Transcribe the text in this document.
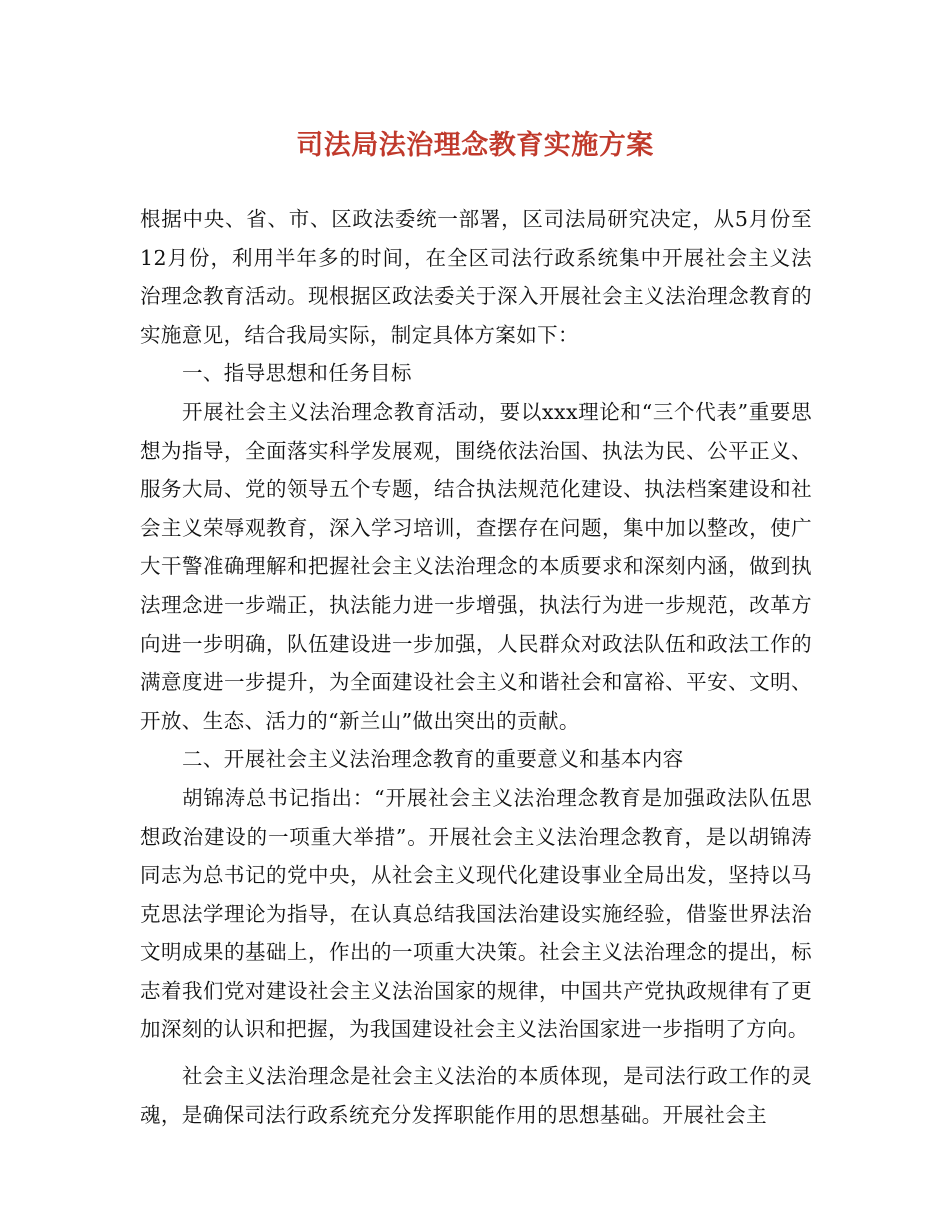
司法局法治理念教育实施方案

根据中央、省、市、区政法委统一部署，区司法局研究决定，从5月份至12月份，利用半年多的时间，在全区司法行政系统集中开展社会主义法治理念教育活动。现根据区政法委关于深入开展社会主义法治理念教育的实施意见，结合我局实际，制定具体方案如下：

一、指导思想和任务目标

开展社会主义法治理念教育活动，要以xxx理论和“三个代表”重要思想为指导，全面落实科学发展观，围绕依法治国、执法为民、公平正义、服务大局、党的领导五个专题，结合执法规范化建设、执法档案建设和社会主义荣辱观教育，深入学习培训，查摆存在问题，集中加以整改，使广大干警准确理解和把握社会主义法治理念的本质要求和深刻内涵，做到执法理念进一步端正，执法能力进一步增强，执法行为进一步规范，改革方向进一步明确，队伍建设进一步加强，人民群众对政法队伍和政法工作的满意度进一步提升，为全面建设社会主义和谐社会和富裕、平安、文明、开放、生态、活力的“新兰山”做出突出的贡献。

二、开展社会主义法治理念教育的重要意义和基本内容

胡锦涛总书记指出：“开展社会主义法治理念教育是加强政法队伍思想政治建设的一项重大举措”。开展社会主义法治理念教育，是以胡锦涛同志为总书记的党中央，从社会主义现代化建设事业全局出发，坚持以马克思法学理论为指导，在认真总结我国法治建设实施经验，借鉴世界法治文明成果的基础上，作出的一项重大决策。社会主义法治理念的提出，标志着我们党对建设社会主义法治国家的规律，中国共产党执政规律有了更加深刻的认识和把握，为我国建设社会主义法治国家进一步指明了方向。

社会主义法治理念是社会主义法治的本质体现，是司法行政工作的灵魂，是确保司法行政系统充分发挥职能作用的思想基础。开展社会主
